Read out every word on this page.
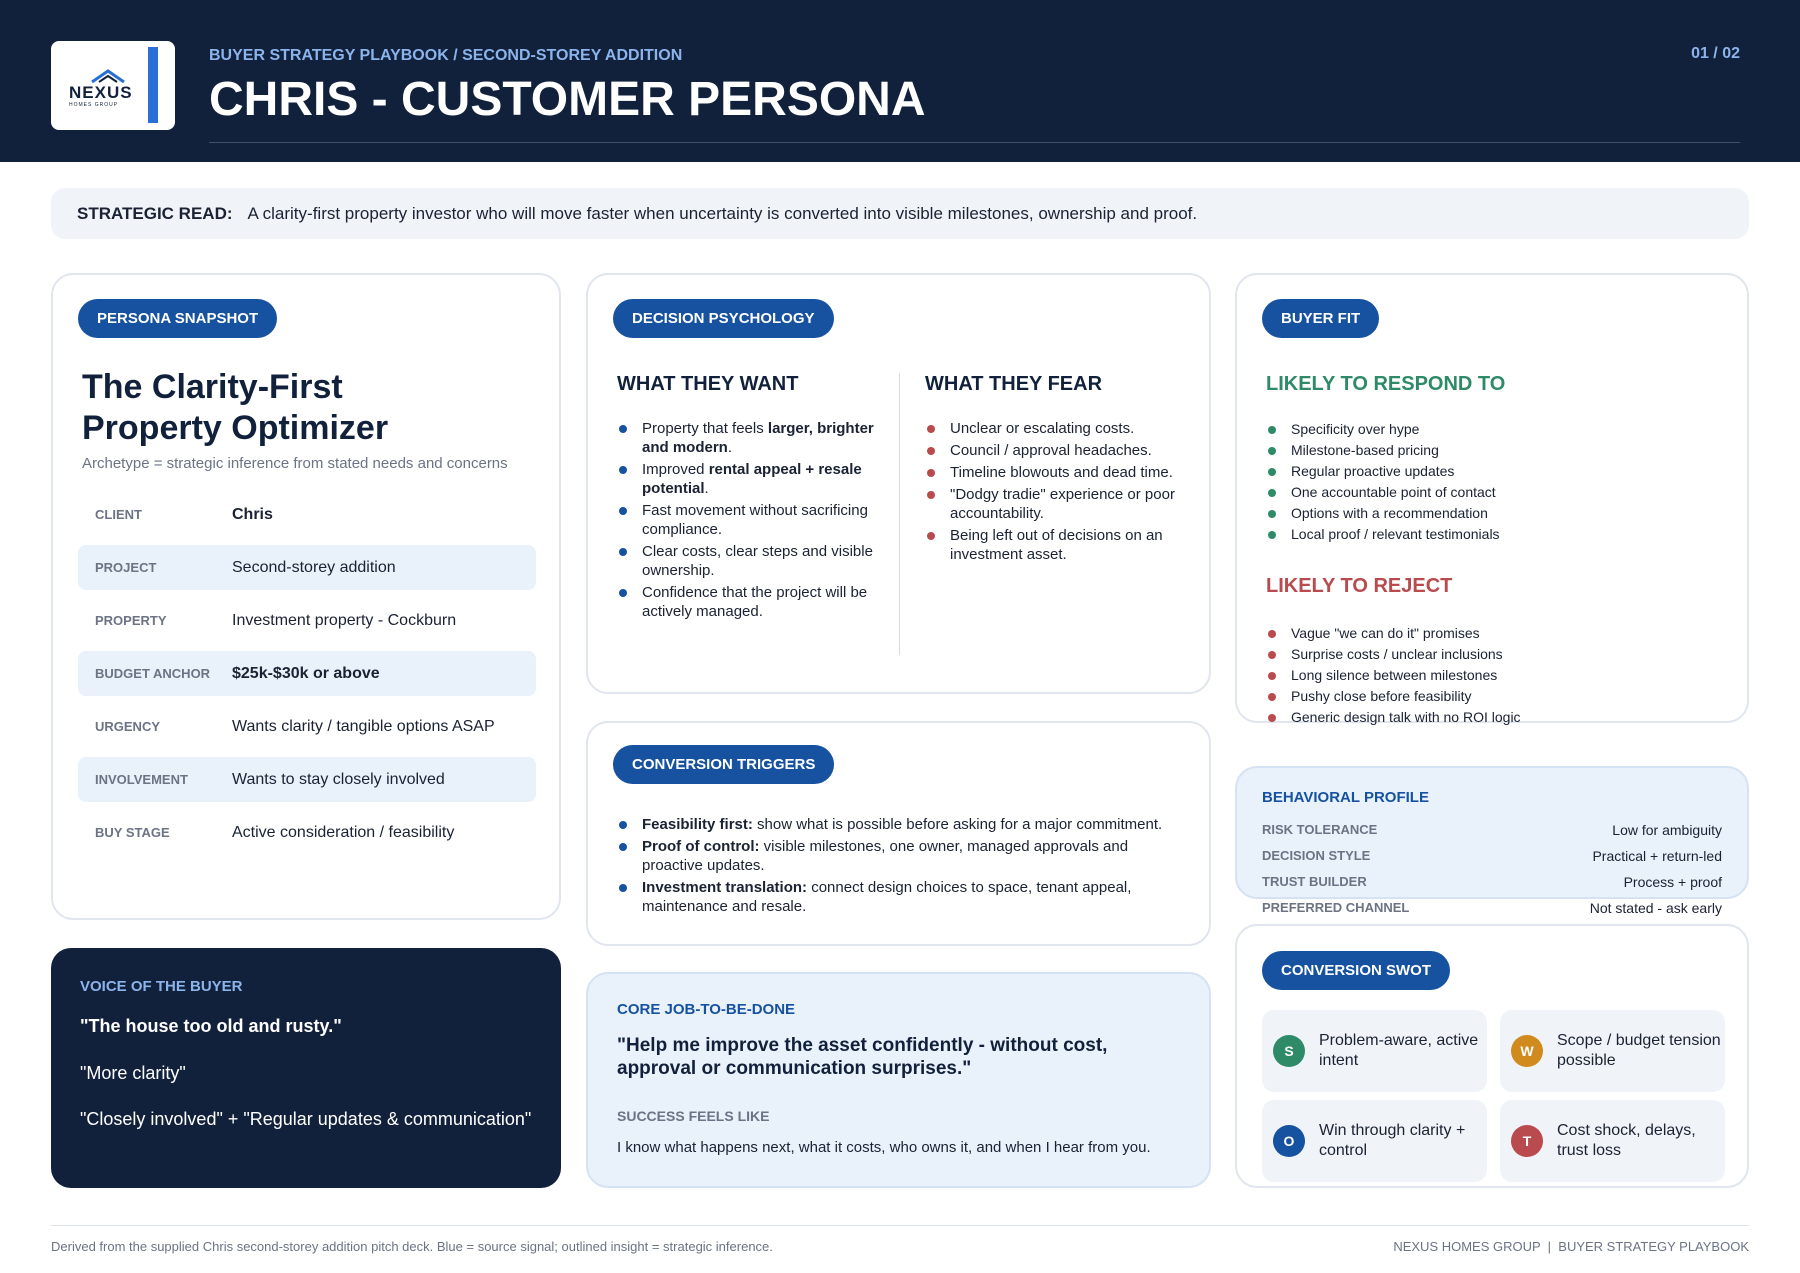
NEXUS
HOMES GROUP
BUYER STRATEGY PLAYBOOK / SECOND-STOREY ADDITION
CHRIS - CUSTOMER PERSONA
01 / 02
STRATEGIC READ: A clarity-first property investor who will move faster when uncertainty is converted into visible milestones, ownership and proof.
PERSONA SNAPSHOT
The Clarity-First
Property Optimizer
Archetype = strategic inference from stated needs and concerns
CLIENT	Chris
PROJECT	Second-storey addition
PROPERTY	Investment property - Cockburn
BUDGET ANCHOR	$25k-$30k or above
URGENCY	Wants clarity / tangible options ASAP
INVOLVEMENT	Wants to stay closely involved
BUY STAGE	Active consideration / feasibility
DECISION PSYCHOLOGY
WHAT THEY WANT	WHAT THEY FEAR
Property that feels larger, brighter and modern.
Improved rental appeal + resale potential.
Fast movement without sacrificing compliance.
Clear costs, clear steps and visible ownership.
Confidence that the project will be actively managed.
Unclear or escalating costs.
Council / approval headaches.
Timeline blowouts and dead time.
"Dodgy tradie" experience or poor accountability.
Being left out of decisions on an investment asset.
BUYER FIT
LIKELY TO RESPOND TO
Specificity over hype
Milestone-based pricing
Regular proactive updates
One accountable point of contact
Options with a recommendation
Local proof / relevant testimonials
LIKELY TO REJECT
Vague "we can do it" promises
Surprise costs / unclear inclusions
Long silence between milestones
Pushy close before feasibility
Generic design talk with no ROI logic
CONVERSION TRIGGERS
Feasibility first: show what is possible before asking for a major commitment.
Proof of control: visible milestones, one owner, managed approvals and proactive updates.
Investment translation: connect design choices to space, tenant appeal, maintenance and resale.
BEHAVIORAL PROFILE
RISK TOLERANCE	Low for ambiguity
DECISION STYLE	Practical + return-led
TRUST BUILDER	Process + proof
PREFERRED CHANNEL	Not stated - ask early
CONVERSION SWOT
S
Problem-aware, active intent
W
Scope / budget tension possible
O
Win through clarity + control
T
Cost shock, delays, trust loss
VOICE OF THE BUYER
"The house too old and rusty."
"More clarity"
"Closely involved" + "Regular updates & communication"
CORE JOB-TO-BE-DONE
"Help me improve the asset confidently - without cost, approval or communication surprises."
SUCCESS FEELS LIKE
I know what happens next, what it costs, who owns it, and when I hear from you.
Derived from the supplied Chris second-storey addition pitch deck. Blue = source signal; outlined insight = strategic inference.	NEXUS HOMES GROUP  |  BUYER STRATEGY PLAYBOOK
